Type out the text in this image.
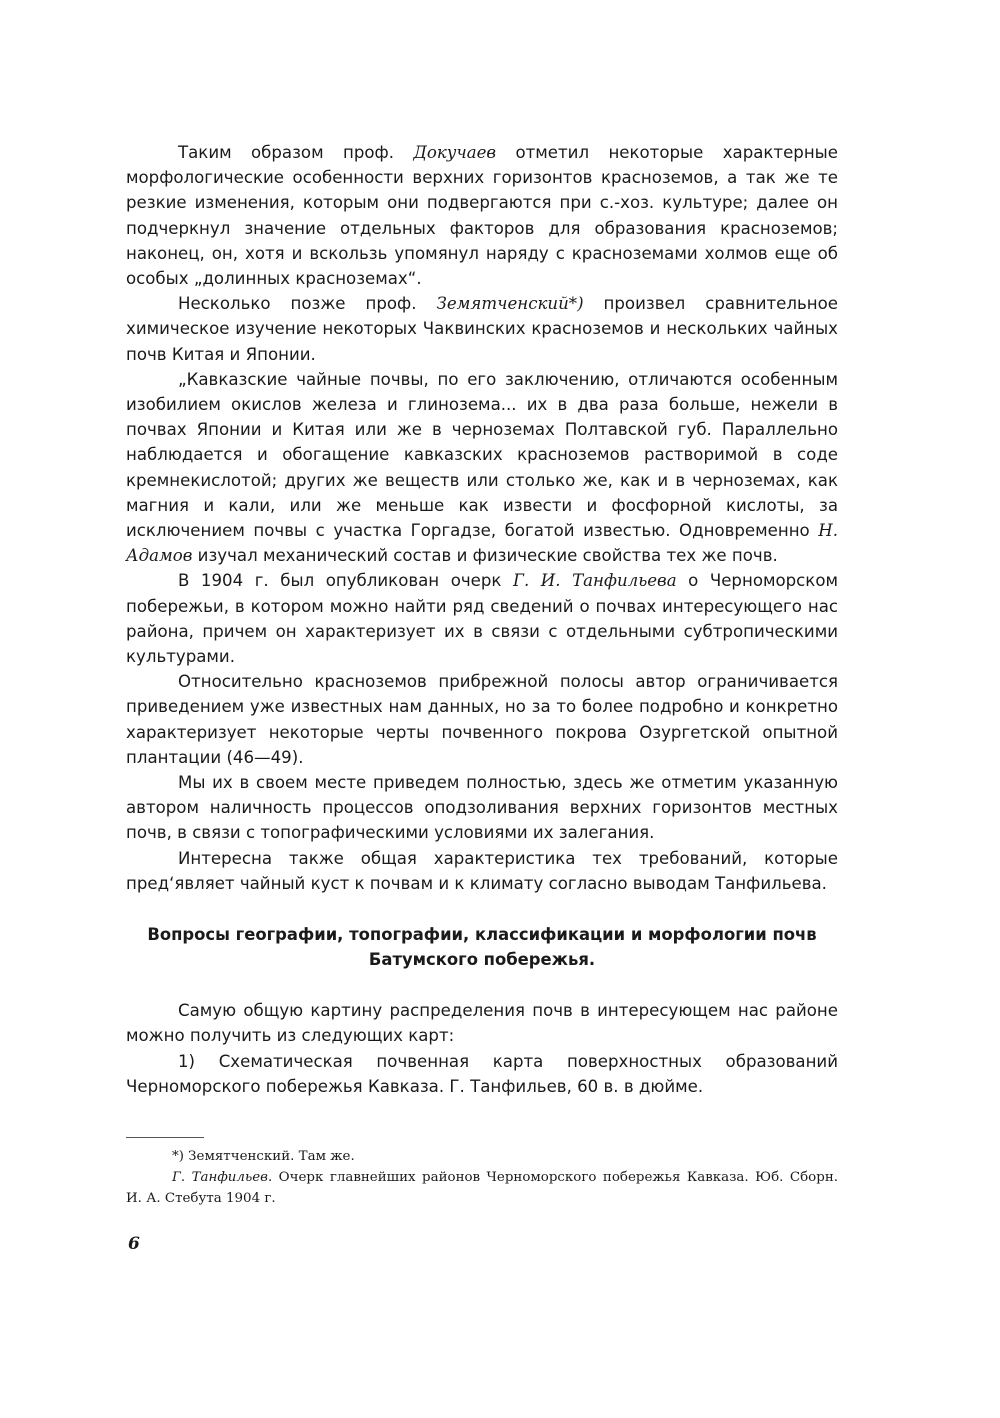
Таким образом проф. Докучаев отметил некоторые характерные морфологические особенности верхних горизонтов красноземов, а так же те резкие изменения, которым они подвергаются при с.-хоз. культуре; далее он подчеркнул значение отдельных факторов для образования красноземов; наконец, он, хотя и вскользь упомянул наряду с красноземами холмов еще об особых „долинных красноземах“.

Несколько позже проф. Земятченский*) произвел сравнительное химическое изучение некоторых Чаквинских красноземов и нескольких чайных почв Китая и Японии.

„Кавказские чайные почвы, по его заключению, отличаются особенным изобилием окислов железа и глинозема... их в два раза больше, нежели в почвах Японии и Китая или же в черноземах Полтавской губ. Параллельно наблюдается и обогащение кавказских красноземов растворимой в соде кремнекислотой; других же веществ или столько же, как и в черноземах, как магния и кали, или же меньше как извести и фосфорной кислоты, за исключением почвы с участка Горгадзе, богатой известью. Одновременно Н. Адамов изучал механический состав и физические свойства тех же почв.

В 1904 г. был опубликован очерк Г. И. Танфильева о Черноморском побережьи, в котором можно найти ряд сведений о почвах интересующего нас района, причем он характеризует их в связи с отдельными субтропическими культурами.

Относительно красноземов прибрежной полосы автор ограничивается приведением уже известных нам данных, но за то более подробно и конкретно характеризует некоторые черты почвенного покрова Озургетской опытной плантации (46—49).

Мы их в своем месте приведем полностью, здесь же отметим указанную автором наличность процессов оподзоливания верхних горизонтов местных почв, в связи с топографическими условиями их залегания.

Интересна также общая характеристика тех требований, которые пред‘являет чайный куст к почвам и к климату согласно выводам Танфильева.

Вопросы географии, топографии, классификации и морфологии почв
Батумского побережья.

Самую общую картину распределения почв в интересующем нас районе можно получить из следующих карт:

1) Схематическая почвенная карта поверхностных образований Черноморского побережья Кавказа. Г. Танфильев, 60 в. в дюйме.

*) Земятченский. Там же.

Г. Танфильев. Очерк главнейших районов Черноморского побережья Кавказа. Юб. Сборн. И. А. Стебута 1904 г.

6
